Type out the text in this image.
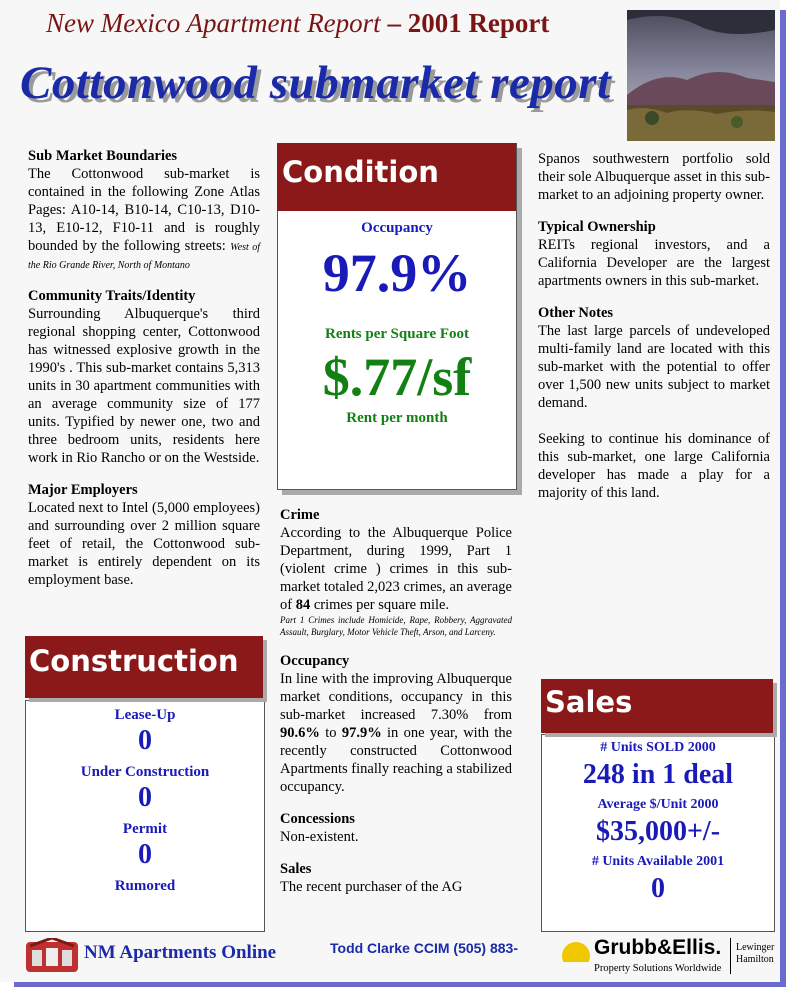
New Mexico Apartment Report – 2001 Report
Cottonwood submarket report
Sub Market Boundaries

The Cottonwood sub-market is contained in the following Zone Atlas Pages: A10-14, B10-14, C10-13, D10-13, E10-12, F10-11 and is roughly bounded by the following streets: West of the Rio Grande River, North of Montano

Community Traits/Identity

Surrounding Albuquerque's third regional shopping center, Cottonwood has witnessed explosive growth in the 1990's . This sub-market contains 5,313 units in 30 apartment communities with an average community size of 177 units. Typified by newer one, two and three bedroom units, residents here work in Rio Rancho or on the Westside.

Major Employers

Located next to Intel (5,000 employees) and surrounding over 2 million square feet of retail, the Cottonwood sub-market is entirely dependent on its employment base.

Condition
Occupancy
97.9%
Rents per Square Foot
$.77/sf
Rent per month
Crime

According to the Albuquerque Police Department, during 1999, Part 1 (violent crime ) crimes in this sub-market totaled 2,023 crimes, an average of 84 crimes per square mile.

Part 1 Crimes include Homicide, Rape, Robbery, Aggravated Assault, Burglary, Motor Vehicle Theft, Arson, and Larceny.

Occupancy

In line with the improving Albuquerque market conditions, occupancy in this sub-market increased 7.30% from 90.6% to 97.9% in one year, with the recently constructed Cottonwood Apartments finally reaching a stabilized occupancy.

Concessions

Non-existent.

Sales

The recent purchaser of the AG

Spanos southwestern portfolio sold their sole Albuquerque asset in this sub-market to an adjoining property owner.

Typical Ownership

REITs regional investors, and a California Developer are the largest apartments owners in this sub-market.

Other Notes

The last large parcels of undeveloped multi-family land are located with this sub-market with the potential to offer over 1,500 new units subject to market demand.

Seeking to continue his dominance of this sub-market, one large California developer has made a play for a majority of this land.

Lease-Up
0
Under Construction
0
Permit
0
Rumored
Construction
# Units SOLD 2000
248 in 1 deal
Average $/Unit 2000
$35,000+/-
# Units Available 2001
0
Sales
NM Apartments Online	Todd Clarke CCIM (505) 883-	Grubb&Ellis.
Property Solutions Worldwide
Lewinger
Hamilton
